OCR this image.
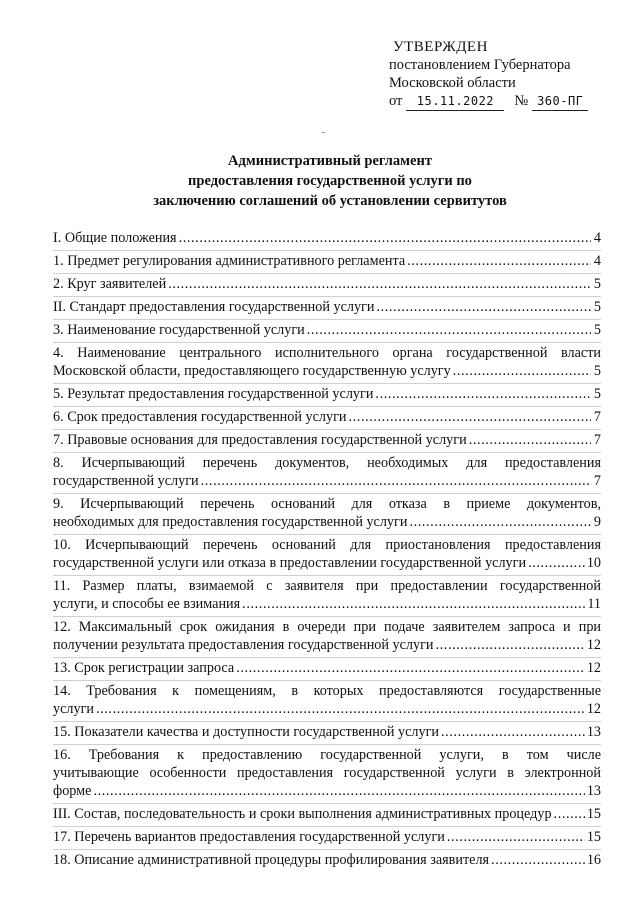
УТВЕРЖДЕН
постановлением Губернатора
Московской области
от	15.11.2022	№ 360-ПГ
Административный регламент
предоставления государственной услуги по
заключению соглашений об установлении сервитутов
I. Общие положения .....	4
1. Предмет регулирования административного регламента .....	4
2. Круг заявителей .....	5
II. Стандарт предоставления государственной услуги .....	5
3. Наименование государственной услуги .....	5
4. Наименование центрального исполнительного органа государственной власти
Московской области, предоставляющего государственную услугу .....	5
5. Результат предоставления государственной услуги .....	5
6. Срок предоставления государственной услуги .....	7
7. Правовые основания для предоставления государственной услуги .....	7
8. Исчерпывающий перечень документов, необходимых для предоставления
государственной услуги .....	7
9. Исчерпывающий перечень оснований для отказа в приеме документов,
необходимых для предоставления государственной услуги .....	9
10. Исчерпывающий перечень оснований для приостановления предоставления
государственной услуги или отказа в предоставлении государственной услуги .....	10
11. Размер платы, взимаемой с заявителя при предоставлении государственной
услуги, и способы ее взимания .....	11
12. Максимальный срок ожидания в очереди при подаче заявителем запроса и при
получении результата предоставления государственной услуги .....	12
13. Срок регистрации запроса .....	12
14. Требования к помещениям, в которых предоставляются государственные
услуги .....	12
15. Показатели качества и доступности государственной услуги .....	13
16. Требования к предоставлению государственной услуги, в том числе
учитывающие особенности предоставления государственной услуги в электронной
форме .....	13
III. Состав, последовательность и сроки выполнения административных процедур ..... 15
17. Перечень вариантов предоставления государственной услуги .....	15
18. Описание административной процедуры профилирования заявителя .....	16
